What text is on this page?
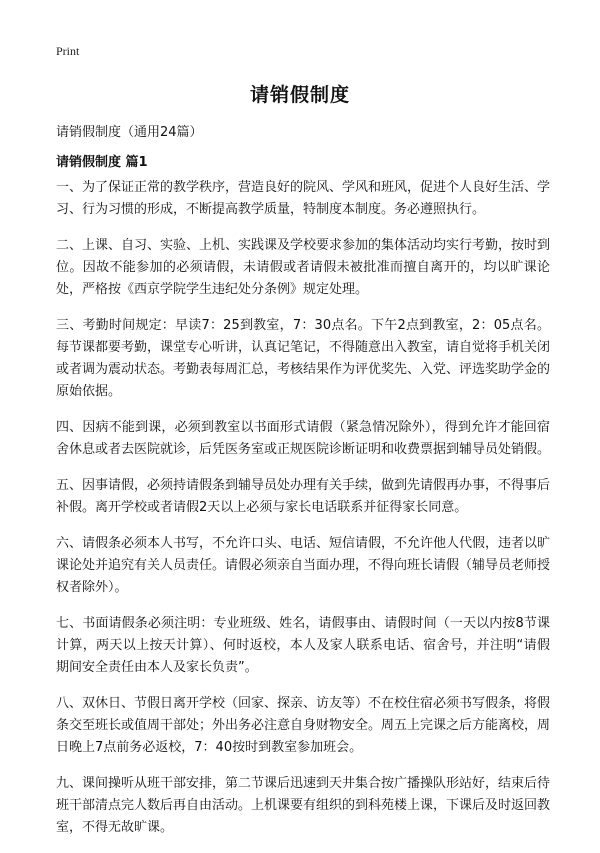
Print
请销假制度

请销假制度（通用24篇）

请销假制度 篇1

一、为了保证正常的教学秩序，营造良好的院风、学风和班风，促进个人良好生活、学习、行为习惯的形成，不断提高教学质量，特制度本制度。务必遵照执行。

二、上课、自习、实验、上机、实践课及学校要求参加的集体活动均实行考勤，按时到位。因故不能参加的必须请假，未请假或者请假未被批准而擅自离开的，均以旷课论处，严格按《西京学院学生违纪处分条例》规定处理。

三、考勤时间规定：早读7：25到教室，7：30点名。下午2点到教室，2：05点名。每节课都要考勤，课堂专心听讲，认真记笔记，不得随意出入教室，请自觉将手机关闭或者调为震动状态。考勤表每周汇总，考核结果作为评优奖先、入党、评选奖助学金的原始依据。

四、因病不能到课，必须到教室以书面形式请假（紧急情况除外），得到允许才能回宿舍休息或者去医院就诊，后凭医务室或正规医院诊断证明和收费票据到辅导员处销假。

五、因事请假，必须持请假条到辅导员处办理有关手续，做到先请假再办事，不得事后补假。离开学校或者请假2天以上必须与家长电话联系并征得家长同意。

六、请假条必须本人书写，不允许口头、电话、短信请假，不允许他人代假，违者以旷课论处并追究有关人员责任。请假必须亲自当面办理，不得向班长请假（辅导员老师授权者除外）。

七、书面请假条必须注明：专业班级、姓名，请假事由、请假时间（一天以内按8节课计算，两天以上按天计算）、何时返校，本人及家人联系电话、宿舍号，并注明“请假期间安全责任由本人及家长负责”。

八、双休日、节假日离开学校（回家、探亲、访友等）不在校住宿必须书写假条，将假条交至班长或值周干部处；外出务必注意自身财物安全。周五上完课之后方能离校，周日晚上7点前务必返校，7：40按时到教室参加班会。

九、课间操听从班干部安排，第二节课后迅速到天井集合按广播操队形站好，结束后待班干部清点完人数后再自由活动。上机课要有组织的到科苑楼上课，下课后及时返回教室，不得无故旷课。
